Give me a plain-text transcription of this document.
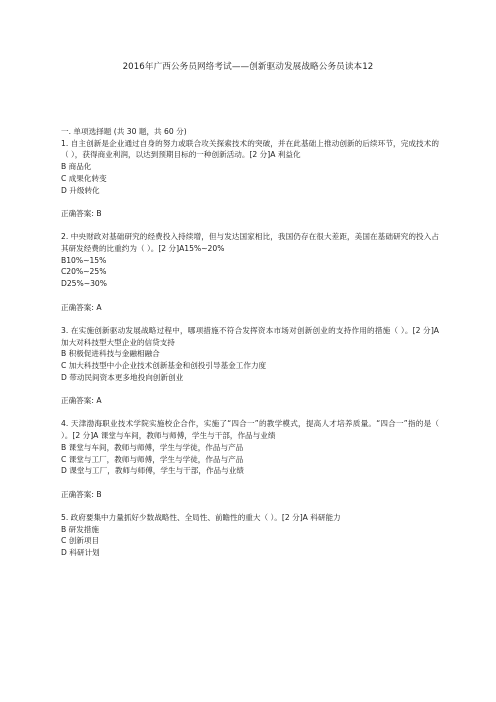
2016年广西公务员网络考试——创新驱动发展战略公务员读本12
一. 单项选择题 (共 30 题，共 60 分)
1. 自主创新是企业通过自身的努力或联合攻关探索技术的突破，并在此基础上推动创新的后续环节，完成技术的（ ），获得商业利润，以达到预期目标的一种创新活动。[2 分]A 利益化
B 商品化
C 成果化转变
D 升级转化
正确答案: B
2. 中央财政对基础研究的经费投入持续增，但与发达国家相比，我国仍存在很大差距，美国在基础研究的投入占其研发经费的比重约为（ ）。[2 分]A15%~20%
B10%~15%
C20%~25%
D25%~30%
正确答案: A
3. 在实施创新驱动发展战略过程中，哪项措施不符合发挥资本市场对创新创业的支持作用的措施（ ）。[2 分]A 加大对科技型大型企业的信贷支持
B 积极促进科技与金融相融合
C 加大科技型中小企业技术创新基金和创投引导基金工作力度
D 带动民间资本更多地投向创新创业
正确答案: A
4. 天津渤海职业技术学院实施校企合作，实施了“四合一”的教学模式，提高人才培养质量。“四合一”指的是（ ）。[2 分]A 课堂与车间，教师与师傅，学生与干部，作品与业绩
B 课堂与车间，教师与师傅，学生与学徒，作品与产品
C 课堂与工厂，教师与师傅，学生与学徒，作品与产品
D 课堂与工厂，教师与师傅，学生与干部，作品与业绩
正确答案: B
5. 政府要集中力量抓好少数战略性、全局性、前瞻性的重大（ ）。[2 分]A 科研能力
B 研发措施
C 创新项目
D 科研计划
